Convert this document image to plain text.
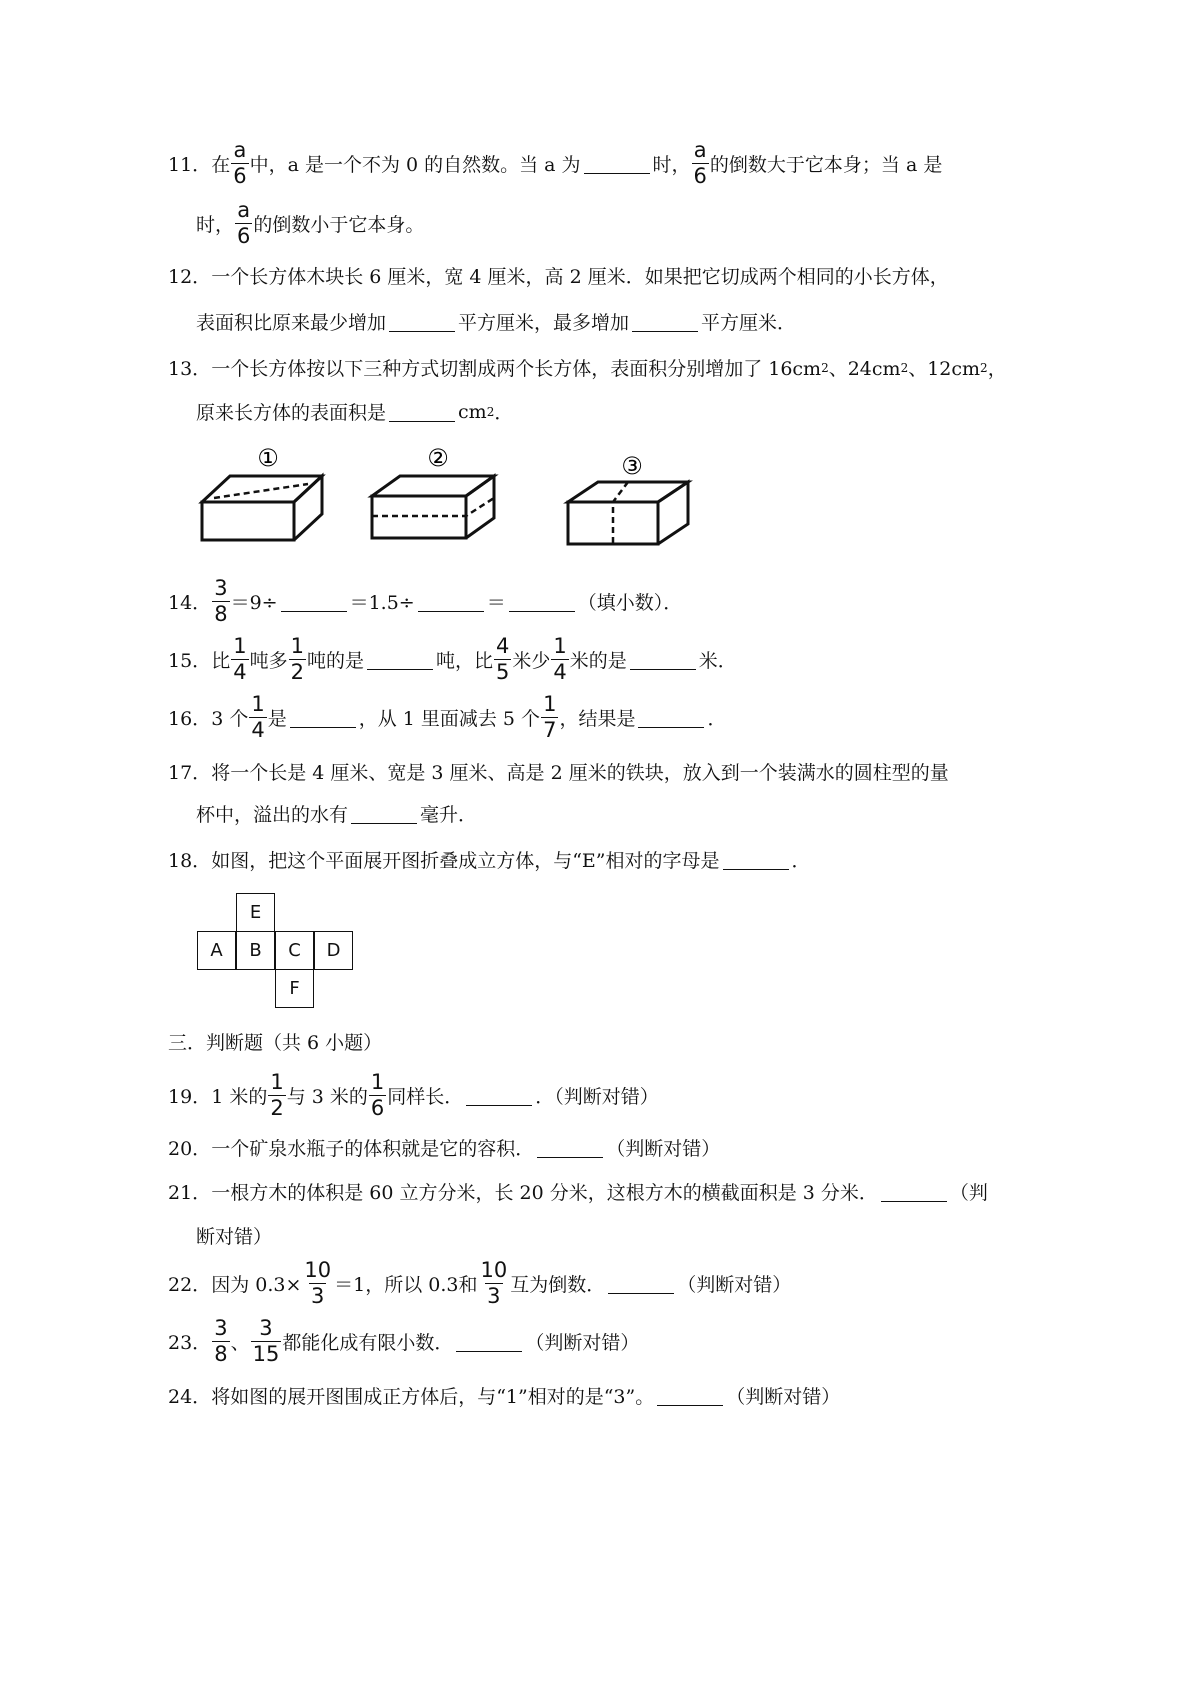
11． 在 $\frac{a}{6}$ 中，a 是一个不为 0 的自然数。当 a 为	时， $\frac{a}{6}$ 的倒数大于它本身；当 a 是
时， $\frac{a}{6}$ 的倒数小于它本身。
12． 一个长方体木块长 6 厘米，宽 4 厘米，高 2 厘米．如果把它切成两个相同的小长方体，
表面积比原来最少增加	平方厘米，最多增加	平方厘米．
13． 一个长方体按以下三种方式切割成两个长方体，表面积分别增加了 16cm 2 、24cm 2 、12cm 2 ，
原来长方体的表面积是	cm 2 ．
①	②	③
14． $\frac{3}{8} =9\div$	＝1.5÷	＝	（填小数）．
15． 比 $\frac{1}{4}$ 吨多 $\frac{1}{2}$ 吨的是	吨，比 $\frac{4}{5}$ 米少 $\frac{1}{4}$ 米的是	米．
16． 3 个 $\frac{1}{4}$ 是	，从 1 里面减去 5 个 $\frac{1}{7}$ ，结果是	．
17． 将一个长是 4 厘米、宽是 3 厘米、高是 2 厘米的铁块，放入到一个装满水的圆柱型的量
杯中，溢出的水有	毫升．
18． 如图，把这个平面展开图折叠成立方体，与“E”相对的字母是	．
E
A	B	C	D
F
三．判断题（共 6 小题）
19． 1 米的 $\frac{1}{2}$ 与 3 米的 $\frac{1}{6}$ 同样长．	．（判断对错）
20． 一个矿泉水瓶子的体积就是它的容积．	（判断对错）
21． 一根方木的体积是 60 立方分米，长 20 分米，这根方木的横截面积是 3 分米．	（判
断对错）
22． 因为 $0.3\times \frac{10}{3} =1$，所以 0.3和 $\frac{10}{3}$ 互为倒数．	（判断对错）
23． $\frac{3}{8}$ 、 $\frac{3}{15}$ 都能化成有限小数．	（判断对错）
24． 将如图的展开图围成正方体后，与“1”相对的是“3”。	（判断对错）
